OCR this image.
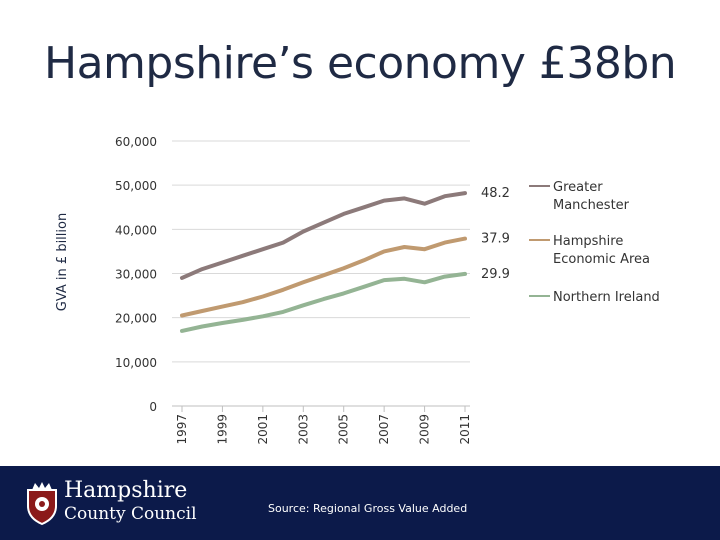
Hampshire’s economy £38bn
GVA in £ billion
0
10,000
20,000
30,000
40,000
50,000
60,000
1997 1999 2001 2003 2005 2007 2009 2011
48.2
37.9
29.9
Greater
Manchester
Hampshire
Economic Area
Northern Ireland
Hampshire
County Council	Source: Regional Gross Value Added
